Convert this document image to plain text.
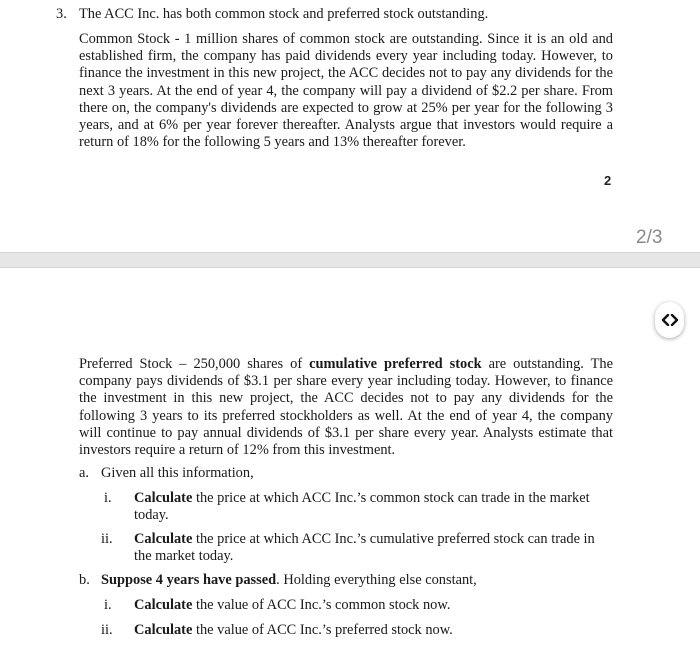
3. The ACC Inc. has both common stock and preferred stock outstanding.
Common Stock - 1 million shares of common stock are outstanding. Since it is an old and established firm, the company has paid dividends every year including today. However, to finance the investment in this new project, the ACC decides not to pay any dividends for the next 3 years. At the end of year 4, the company will pay a dividend of $2.2 per share. From there on, the company's dividends are expected to grow at 25% per year for the following 3 years, and at 6% per year forever thereafter. Analysts argue that investors would require a return of 18% for the following 5 years and 13% thereafter forever.
2
2/3
Preferred Stock – 250,000 shares of cumulative preferred stock are outstanding. The company pays dividends of $3.1 per share every year including today. However, to finance the investment in this new project, the ACC decides not to pay any dividends for the following 3 years to its preferred stockholders as well. At the end of year 4, the company will continue to pay annual dividends of $3.1 per share every year. Analysts estimate that investors require a return of 12% from this investment.
a. Given all this information,
i. Calculate the price at which ACC Inc.’s common stock can trade in the market today.
ii. Calculate the price at which ACC Inc.’s cumulative preferred stock can trade in the market today.
b. Suppose 4 years have passed. Holding everything else constant,
i. Calculate the value of ACC Inc.’s common stock now.
ii. Calculate the value of ACC Inc.’s preferred stock now.
